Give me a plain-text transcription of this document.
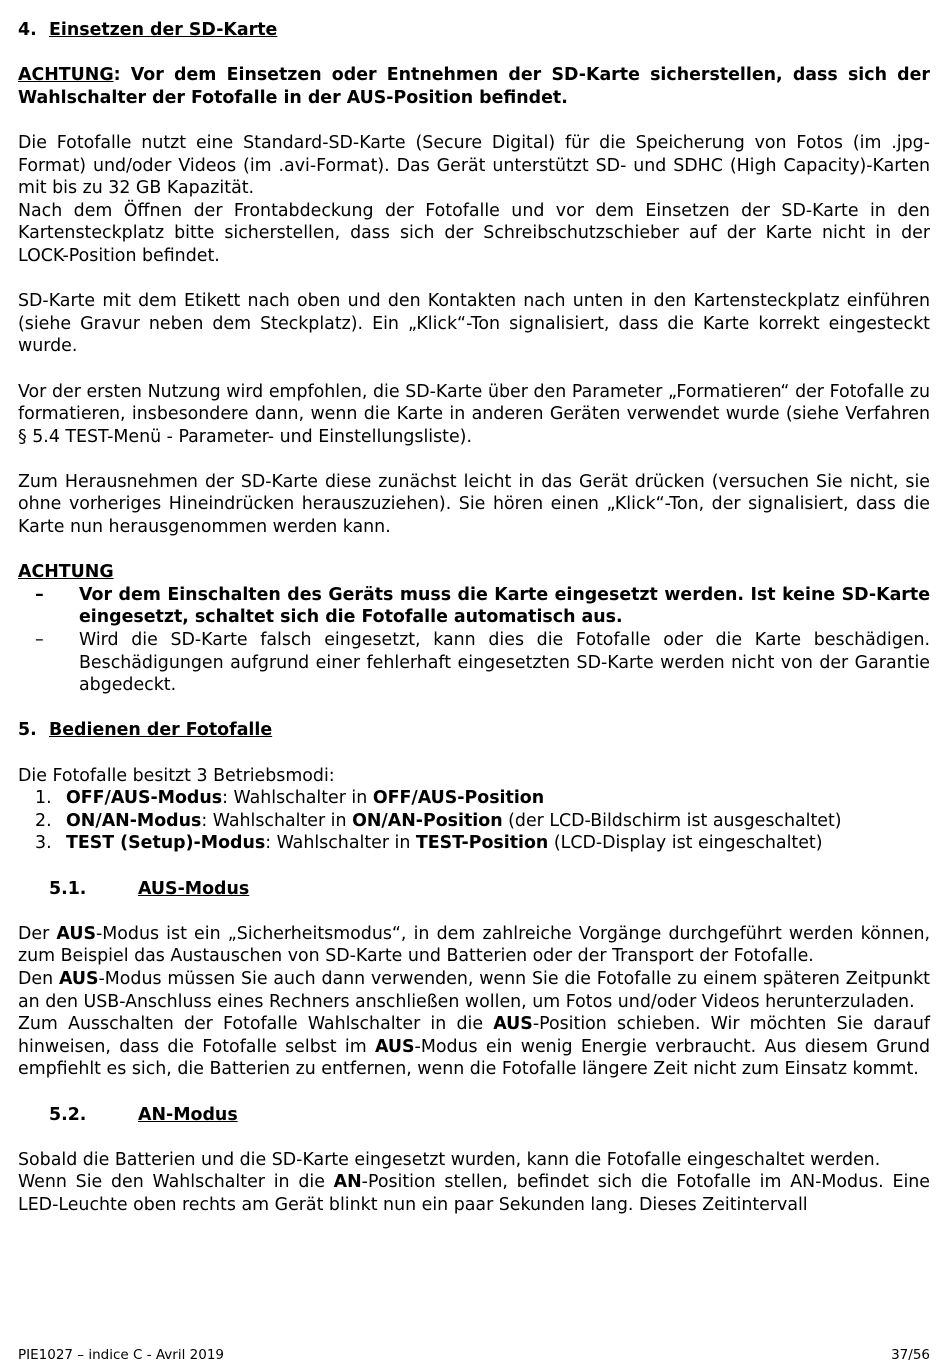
4. Einsetzen der SD-Karte

ACHTUNG: Vor dem Einsetzen oder Entnehmen der SD-Karte sicherstellen, dass sich der Wahlschalter der Fotofalle in der AUS-Position befindet.

Die Fotofalle nutzt eine Standard-SD-Karte (Secure Digital) für die Speicherung von Fotos (im .jpg-Format) und/oder Videos (im .avi-Format). Das Gerät unterstützt SD- und SDHC (High Capacity)-Karten mit bis zu 32 GB Kapazität.

Nach dem Öffnen der Frontabdeckung der Fotofalle und vor dem Einsetzen der SD-Karte in den Kartensteckplatz bitte sicherstellen, dass sich der Schreibschutzschieber auf der Karte nicht in der LOCK-Position befindet.

SD-Karte mit dem Etikett nach oben und den Kontakten nach unten in den Kartensteckplatz einführen (siehe Gravur neben dem Steckplatz). Ein „Klick“-Ton signalisiert, dass die Karte korrekt eingesteckt wurde.

Vor der ersten Nutzung wird empfohlen, die SD-Karte über den Parameter „Formatieren“ der Fotofalle zu formatieren, insbesondere dann, wenn die Karte in anderen Geräten verwendet wurde (siehe Verfahren § 5.4 TEST-Menü - Parameter- und Einstellungsliste).

Zum Herausnehmen der SD-Karte diese zunächst leicht in das Gerät drücken (versuchen Sie nicht, sie ohne vorheriges Hineindrücken herauszuziehen). Sie hören einen „Klick“-Ton, der signalisiert, dass die Karte nun herausgenommen werden kann.

ACHTUNG

– Vor dem Einschalten des Geräts muss die Karte eingesetzt werden. Ist keine SD-Karte eingesetzt, schaltet sich die Fotofalle automatisch aus.
– Wird die SD-Karte falsch eingesetzt, kann dies die Fotofalle oder die Karte beschädigen. Beschädigungen aufgrund einer fehlerhaft eingesetzten SD-Karte werden nicht von der Garantie abgedeckt.
5. Bedienen der Fotofalle

Die Fotofalle besitzt 3 Betriebsmodi:

1. OFF/AUS-Modus: Wahlschalter in OFF/AUS-Position
2. ON/AN-Modus: Wahlschalter in ON/AN-Position (der LCD-Bildschirm ist ausgeschaltet)
3. TEST (Setup)-Modus: Wahlschalter in TEST-Position (LCD-Display ist eingeschaltet)
5.1.	AUS-Modus

Der AUS-Modus ist ein „Sicherheitsmodus“, in dem zahlreiche Vorgänge durchgeführt werden können, zum Beispiel das Austauschen von SD-Karte und Batterien oder der Transport der Fotofalle.

Den AUS-Modus müssen Sie auch dann verwenden, wenn Sie die Fotofalle zu einem späteren Zeitpunkt an den USB-Anschluss eines Rechners anschließen wollen, um Fotos und/oder Videos herunterzuladen.

Zum Ausschalten der Fotofalle Wahlschalter in die AUS-Position schieben. Wir möchten Sie darauf hinweisen, dass die Fotofalle selbst im AUS-Modus ein wenig Energie verbraucht. Aus diesem Grund empfiehlt es sich, die Batterien zu entfernen, wenn die Fotofalle längere Zeit nicht zum Einsatz kommt.

5.2.	AN-Modus

Sobald die Batterien und die SD-Karte eingesetzt wurden, kann die Fotofalle eingeschaltet werden.

Wenn Sie den Wahlschalter in die AN-Position stellen, befindet sich die Fotofalle im AN-Modus. Eine LED-Leuchte oben rechts am Gerät blinkt nun ein paar Sekunden lang. Dieses Zeitintervall

PIE1027 – indice C - Avril 2019	37/56
